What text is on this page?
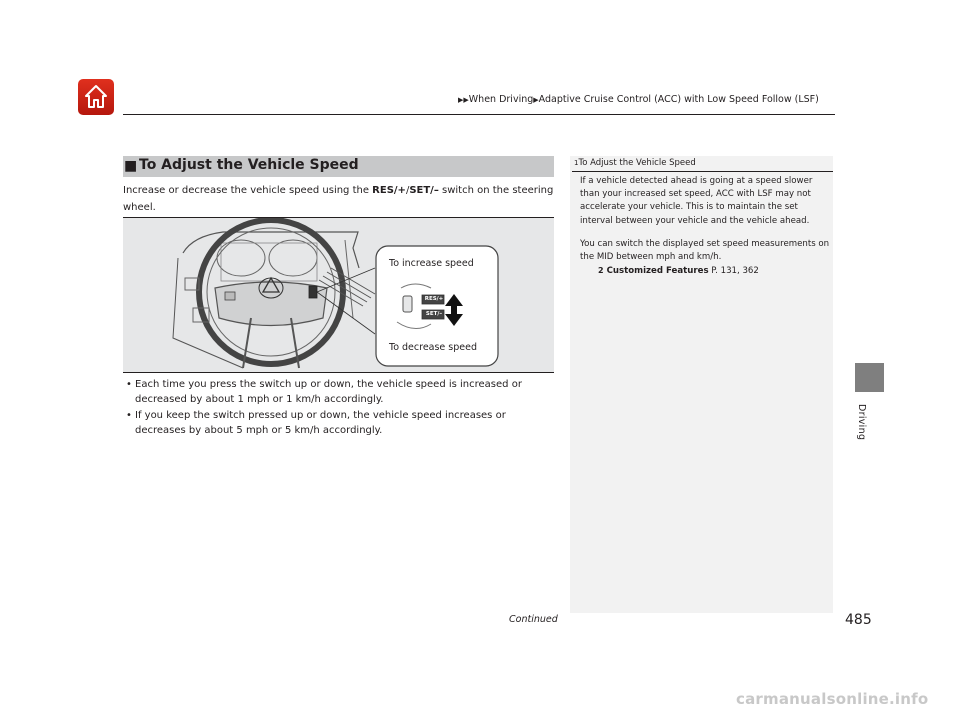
▶▶When Driving▶Adaptive Cruise Control (ACC) with Low Speed Follow (LSF)
Driving
■ To Adjust the Vehicle Speed
Increase or decrease the vehicle speed using the RES/+/SET/– switch on the steering wheel.
RES/+
SET/–
To increase speed
To decrease speed
• Each time you press the switch up or down, the vehicle speed is increased or decreased by about 1 mph or 1 km/h accordingly.
• If you keep the switch pressed up or down, the vehicle speed increases or decreases by about 5 mph or 5 km/h accordingly.
1To Adjust the Vehicle Speed

If a vehicle detected ahead is going at a speed slower than your increased set speed, ACC with LSF may not accelerate your vehicle. This is to maintain the set interval between your vehicle and the vehicle ahead.

You can switch the displayed set speed measurements on the MID between mph and km/h.

2 Customized Features P. 131, 362
Continued	485
carmanualsonline.info
